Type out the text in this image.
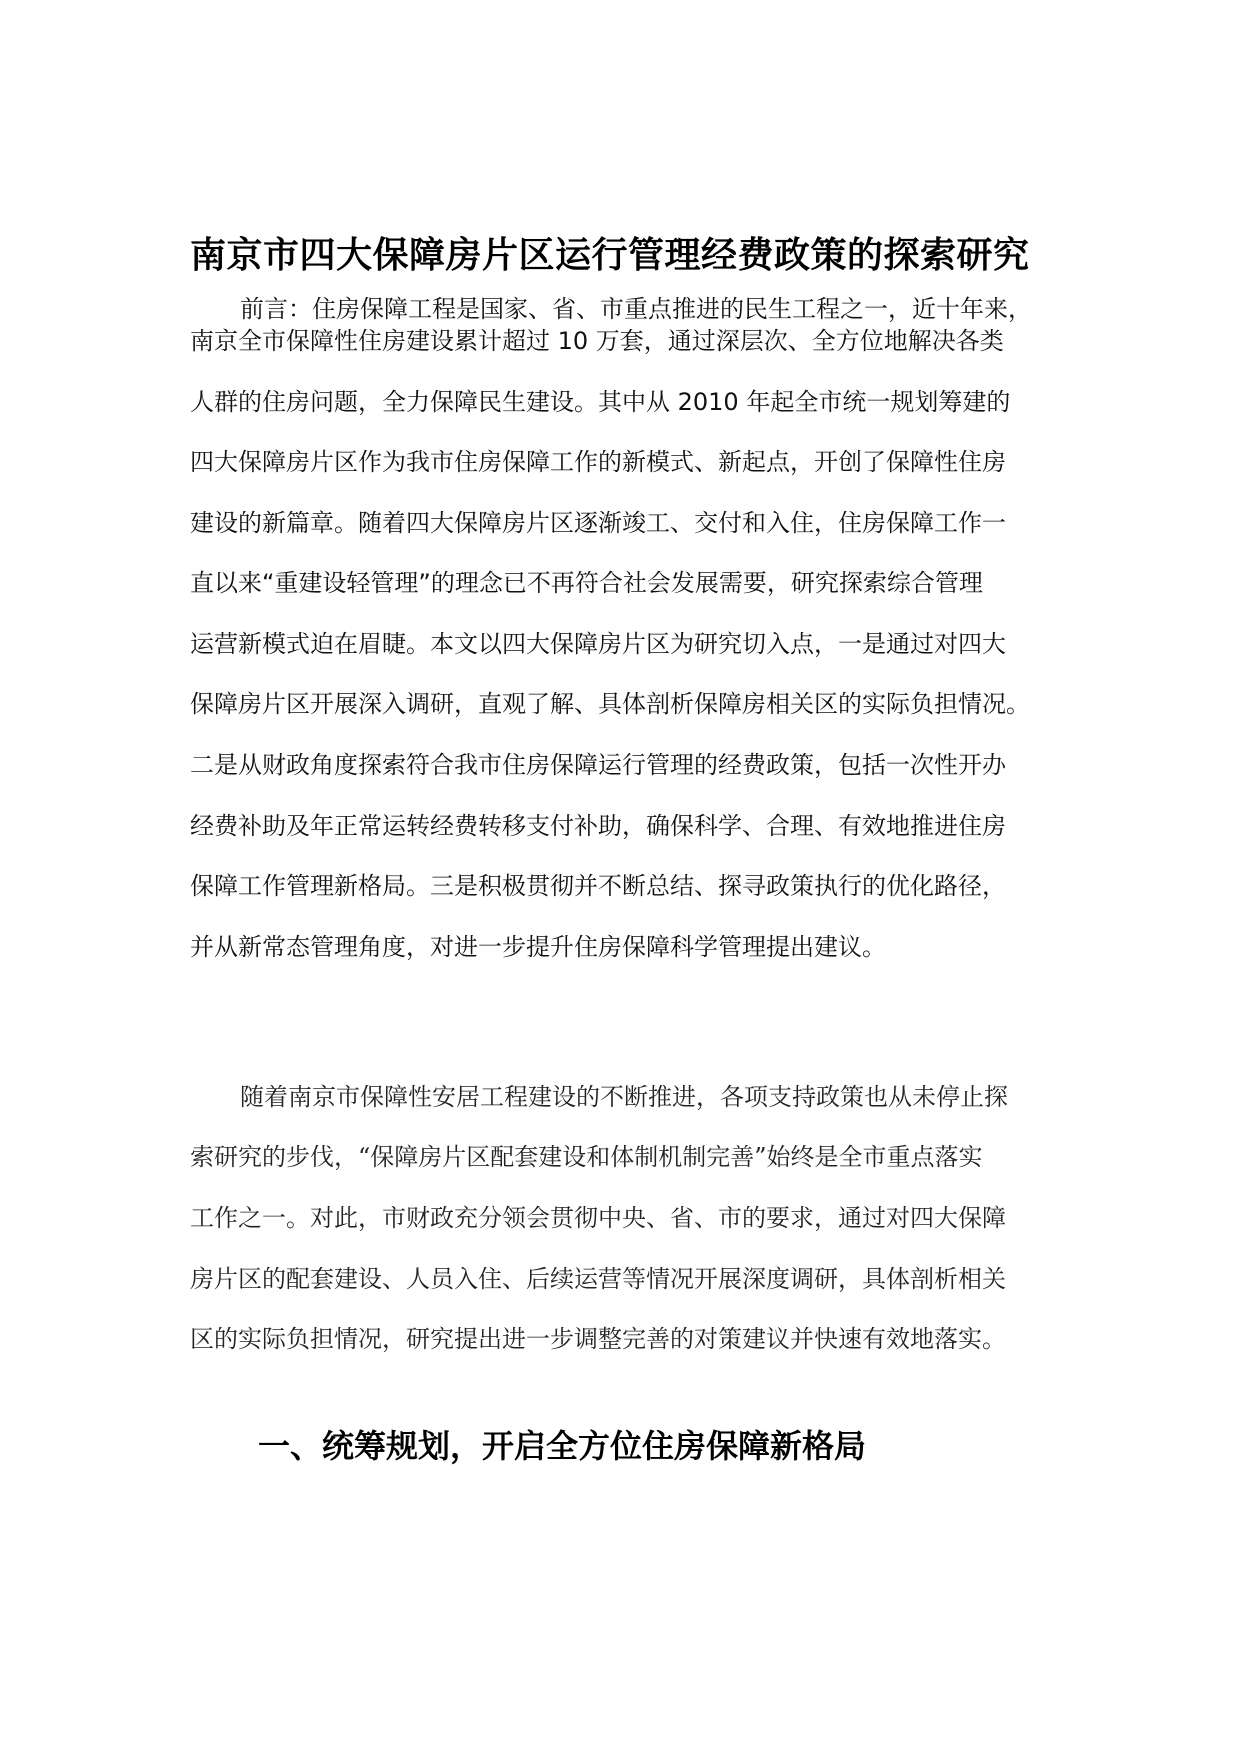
南京市四大保障房片区运行管理经费政策的探索研究
前言：住房保障工程是国家、省、市重点推进的民生工程之一，近十年来，
南京全市保障性住房建设累计超过 10 万套，通过深层次、全方位地解决各类
人群的住房问题，全力保障民生建设。其中从 2010 年起全市统一规划筹建的
四大保障房片区作为我市住房保障工作的新模式、新起点，开创了保障性住房
建设的新篇章。随着四大保障房片区逐渐竣工、交付和入住，住房保障工作一
直以来“重建设轻管理”的理念已不再符合社会发展需要，研究探索综合管理
运营新模式迫在眉睫。本文以四大保障房片区为研究切入点，一是通过对四大
保障房片区开展深入调研，直观了解、具体剖析保障房相关区的实际负担情况。
二是从财政角度探索符合我市住房保障运行管理的经费政策，包括一次性开办
经费补助及年正常运转经费转移支付补助，确保科学、合理、有效地推进住房
保障工作管理新格局。三是积极贯彻并不断总结、探寻政策执行的优化路径，
并从新常态管理角度，对进一步提升住房保障科学管理提出建议。
随着南京市保障性安居工程建设的不断推进，各项支持政策也从未停止探
索研究的步伐，“保障房片区配套建设和体制机制完善”始终是全市重点落实
工作之一。对此，市财政充分领会贯彻中央、省、市的要求，通过对四大保障
房片区的配套建设、人员入住、后续运营等情况开展深度调研，具体剖析相关
区的实际负担情况，研究提出进一步调整完善的对策建议并快速有效地落实。
一、统筹规划，开启全方位住房保障新格局
